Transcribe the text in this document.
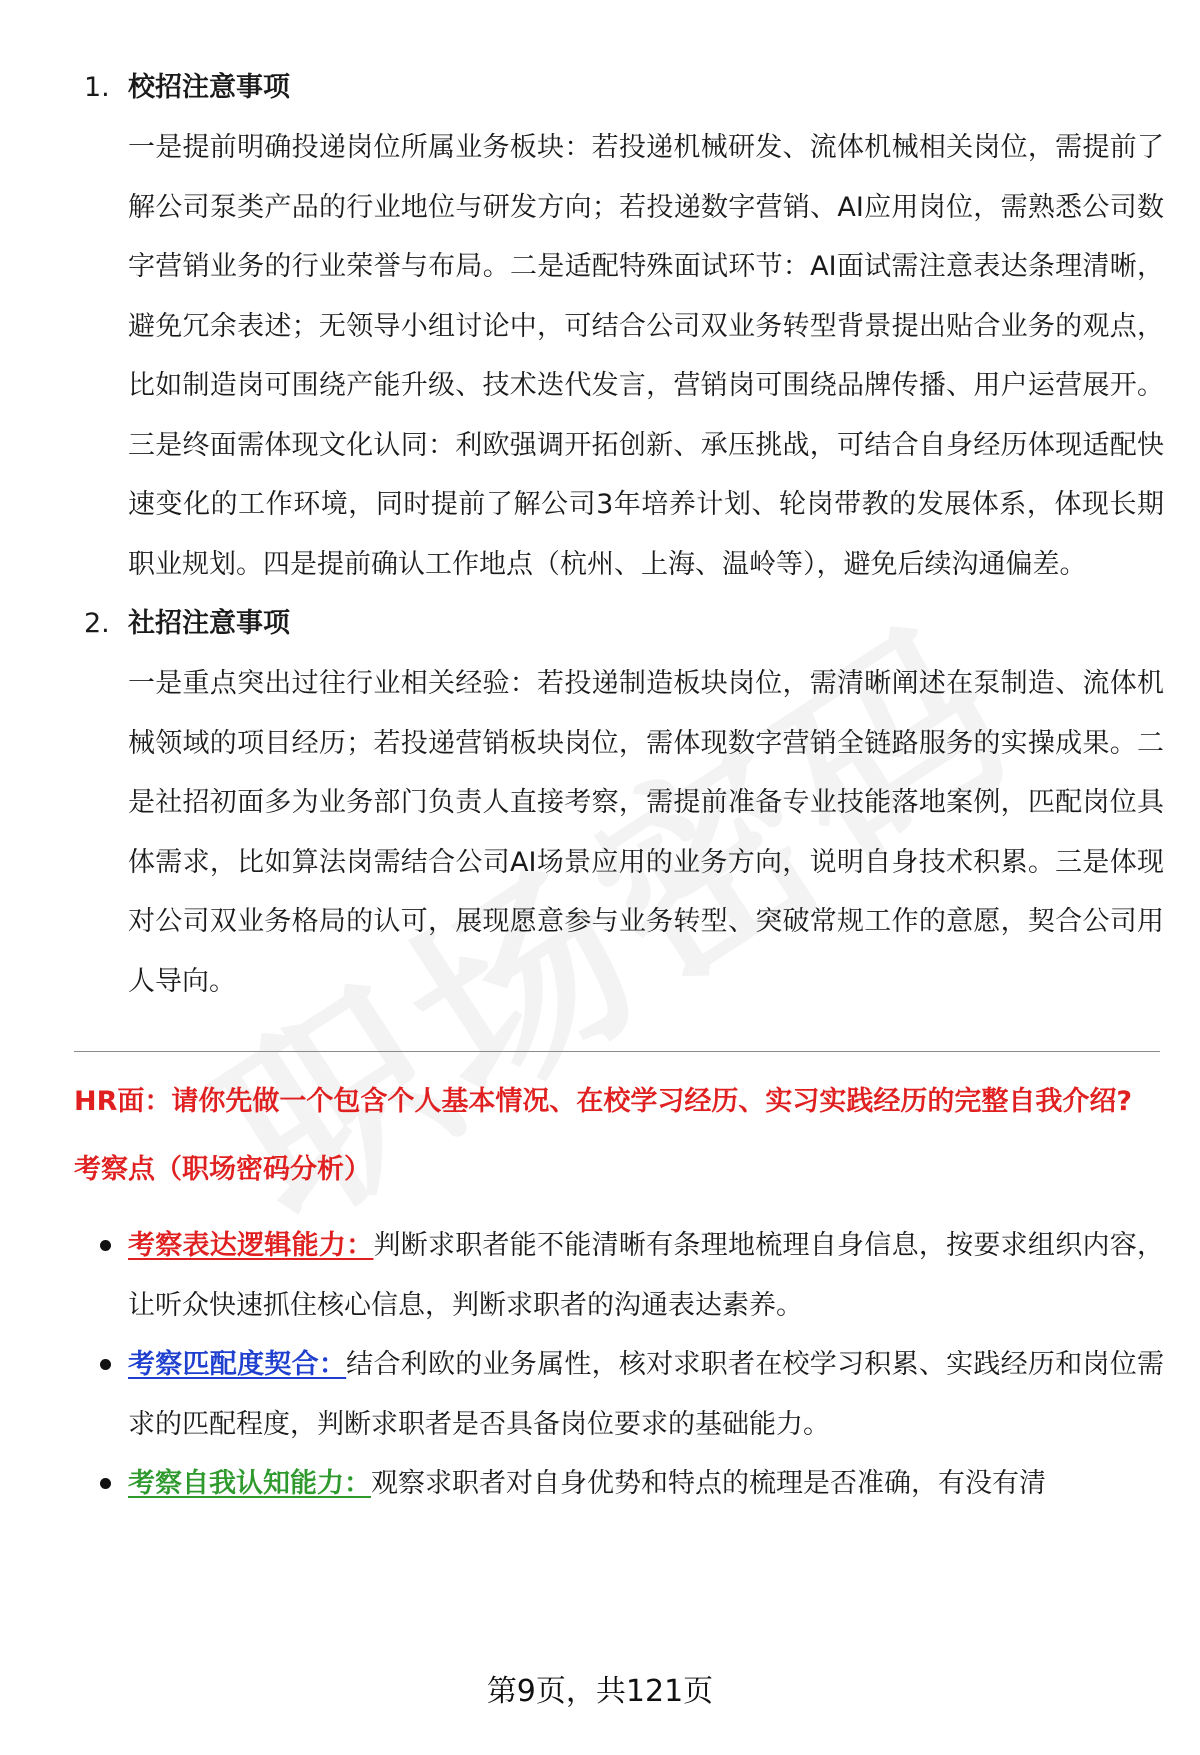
1. 校招注意事项
一是提前明确投递岗位所属业务板块：若投递机械研发、流体机械相关岗位，需提前了解公司泵类产品的行业地位与研发方向；若投递数字营销、AI应用岗位，需熟悉公司数字营销业务的行业荣誉与布局。二是适配特殊面试环节：AI面试需注意表达条理清晰，避免冗余表述；无领导小组讨论中，可结合公司双业务转型背景提出贴合业务的观点，比如制造岗可围绕产能升级、技术迭代发言，营销岗可围绕品牌传播、用户运营展开。三是终面需体现文化认同：利欧强调开拓创新、承压挑战，可结合自身经历体现适配快速变化的工作环境，同时提前了解公司3年培养计划、轮岗带教的发展体系，体现长期职业规划。四是提前确认工作地点（杭州、上海、温岭等），避免后续沟通偏差。
2. 社招注意事项
一是重点突出过往行业相关经验：若投递制造板块岗位，需清晰阐述在泵制造、流体机械领域的项目经历；若投递营销板块岗位，需体现数字营销全链路服务的实操成果。二是社招初面多为业务部门负责人直接考察，需提前准备专业技能落地案例，匹配岗位具体需求，比如算法岗需结合公司AI场景应用的业务方向，说明自身技术积累。三是体现对公司双业务格局的认可，展现愿意参与业务转型、突破常规工作的意愿，契合公司用人导向。
HR面：请你先做一个包含个人基本情况、在校学习经历、实习实践经历的完整自我介绍?
考察点（职场密码分析）
考察表达逻辑能力：判断求职者能不能清晰有条理地梳理自身信息，按要求组织内容，让听众快速抓住核心信息，判断求职者的沟通表达素养。
考察匹配度契合：结合利欧的业务属性，核对求职者在校学习积累、实践经历和岗位需求的匹配程度，判断求职者是否具备岗位要求的基础能力。
考察自我认知能力：观察求职者对自身优势和特点的梳理是否准确，有没有清
第9页，共121页
